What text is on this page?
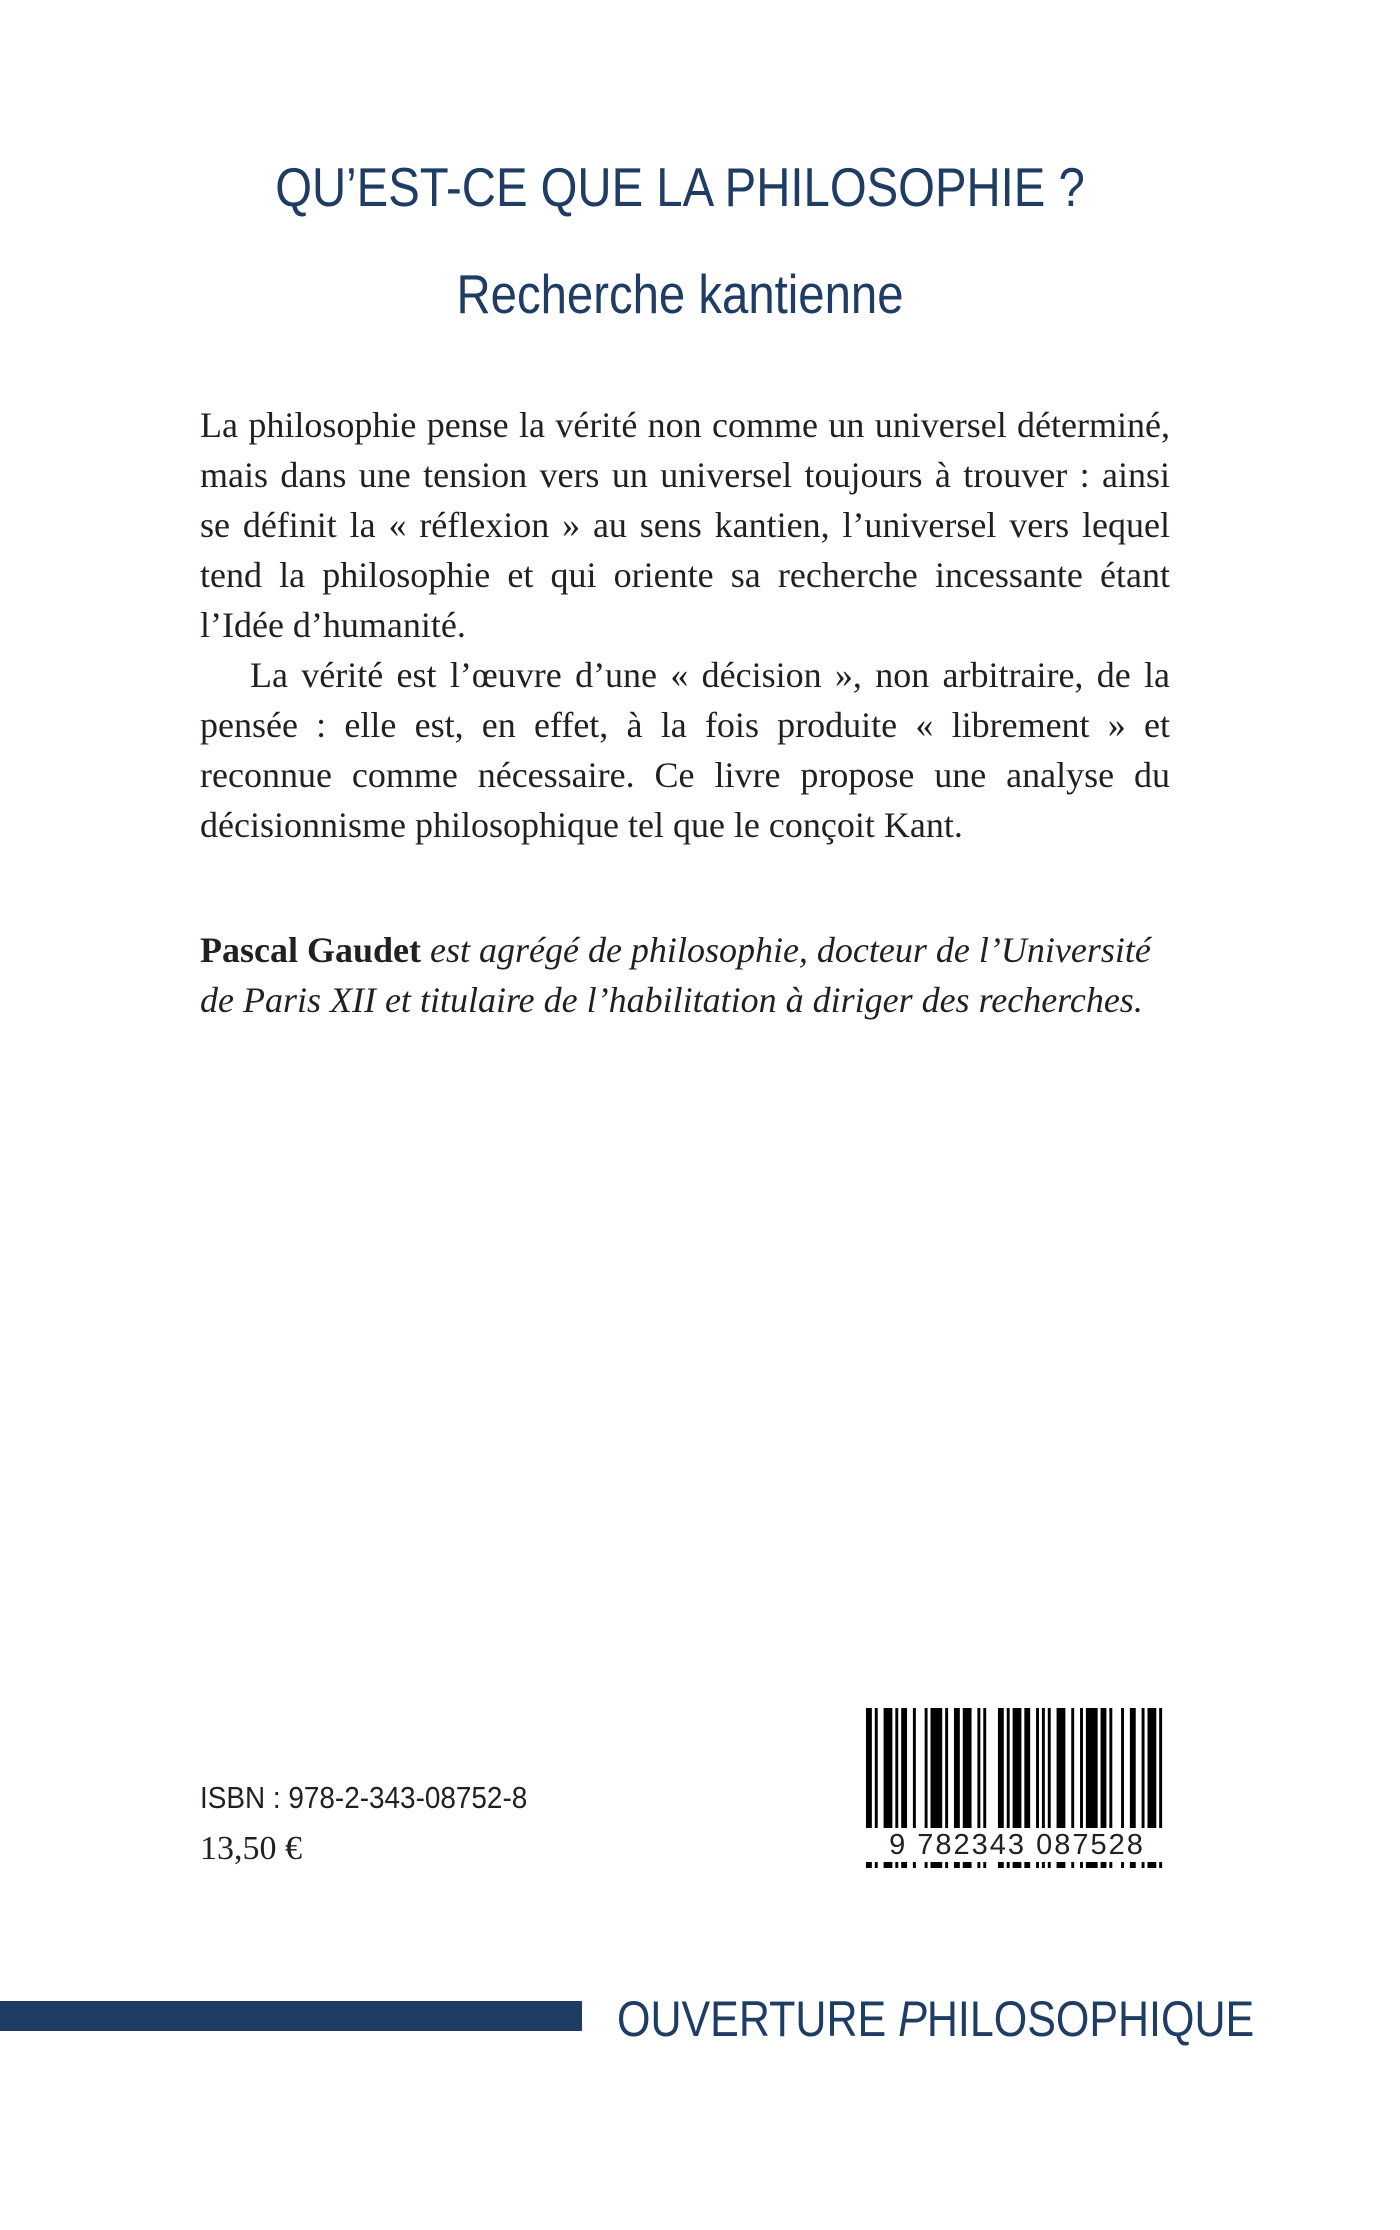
QU’EST-CE QUE LA PHILOSOPHIE ?
Recherche kantienne

La philosophie pense la vérité non comme un universel déterminé, mais dans une tension vers un universel toujours à trouver : ainsi se définit la « réflexion » au sens kantien, l’universel vers lequel tend la philosophie et qui oriente sa recherche incessante étant l’Idée d’humanité.

La vérité est l’œuvre d’une « décision », non arbitraire, de la pensée : elle est, en effet, à la fois produite « librement » et reconnue comme nécessaire. Ce livre propose une analyse du décisionnisme philosophique tel que le conçoit Kant.

Pascal Gaudet est agrégé de philosophie, docteur de l’Université de Paris XII et titulaire de l’habilitation à diriger des recherches.
ISBN : 978-2-343-08752-8
13,50 €	9 782343 087528
OUVERTURE PHILOSOPHIQUE
